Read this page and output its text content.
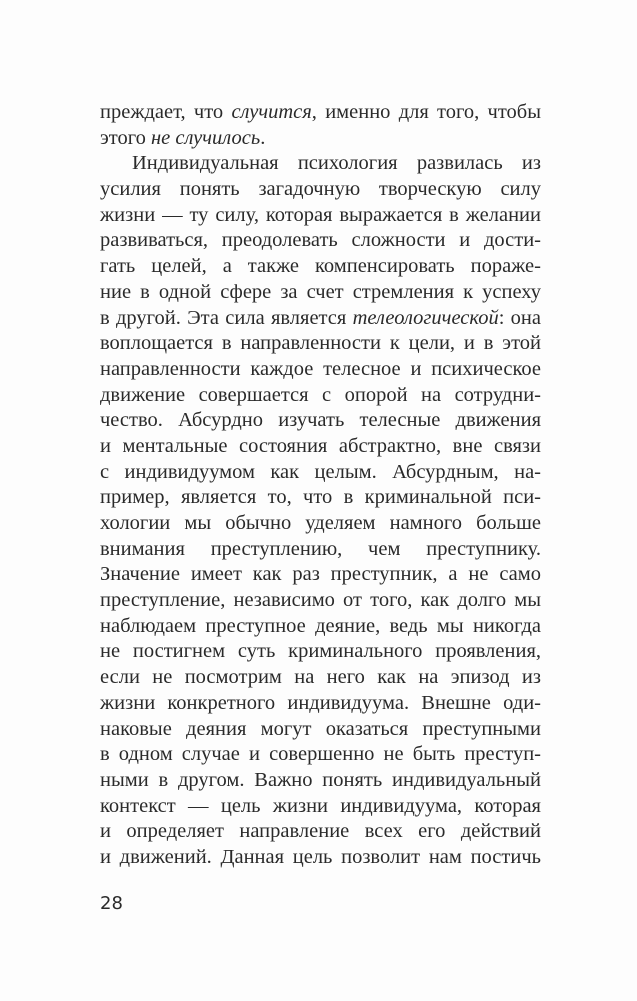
преждает, что случится, именно для того, чтобы
этого не случилось.
Индивидуальная психология развилась из
усилия понять загадочную творческую силу
жизни — ту силу, которая выражается в желании
развиваться, преодолевать сложности и дости-
гать целей, а также компенсировать пораже-
ние в одной сфере за счет стремления к успеху
в другой. Эта сила является телеологической: она
воплощается в направленности к цели, и в этой
направленности каждое телесное и психическое
движение совершается с опорой на сотрудни-
чество. Абсурдно изучать телесные движения
и ментальные состояния абстрактно, вне связи
с индивидуумом как целым. Абсурдным, на-
пример, является то, что в криминальной пси-
хологии мы обычно уделяем намного больше
внимания преступлению, чем преступнику.
Значение имеет как раз преступник, а не само
преступление, независимо от того, как долго мы
наблюдаем преступное деяние, ведь мы никогда
не постигнем суть криминального проявления,
если не посмотрим на него как на эпизод из
жизни конкретного индивидуума. Внешне оди-
наковые деяния могут оказаться преступными
в одном случае и совершенно не быть преступ-
ными в другом. Важно понять индивидуальный
контекст — цель жизни индивидуума, которая
и определяет направление всех его действий
и движений. Данная цель позволит нам постичь
28
